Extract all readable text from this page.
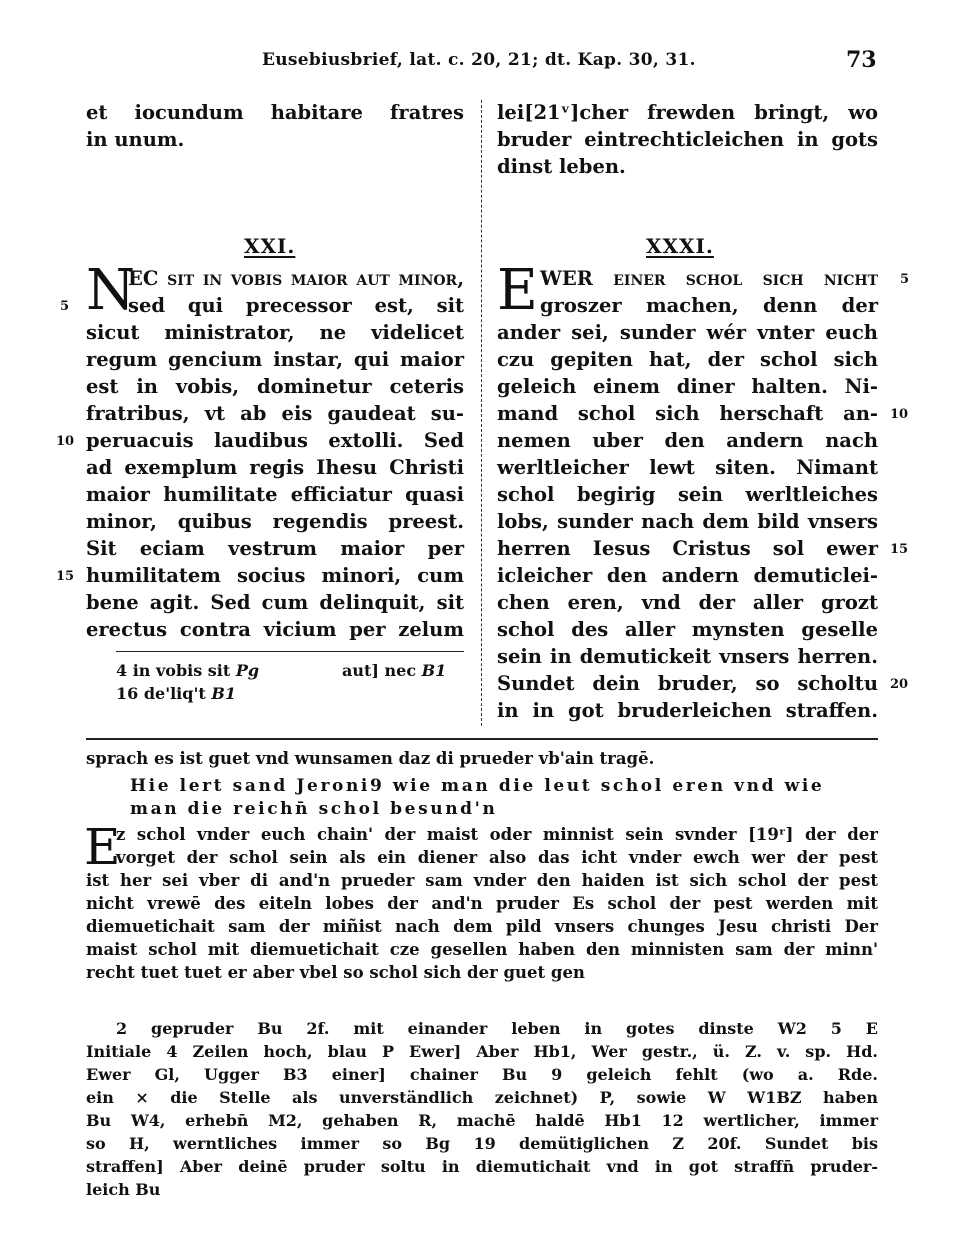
Eusebiusbrief, lat. c. 20, 21; dt. Kap. 30, 31.	73
et iocundum habitare fratres
in unum.
lei[21ᵛ]cher frewden bringt, wo
bruder eintrechticleichen in gots
dinst leben.
XXI.
N
EC sit in vobis maior aut minor,
sed qui precessor est, sit
sicut ministrator, ne videlicet
regum gencium instar, qui maior
est in vobis, dominetur ceteris
fratribus, vt ab eis gaudeat su-
peruacuis laudibus extolli. Sed
ad exemplum regis Ihesu Christi
maior humilitate efficiatur quasi
minor, quibus regendis preest.
Sit eciam vestrum maior per
humilitatem socius minori, cum
bene agit. Sed cum delinquit, sit
erectus contra vicium per zelum
5
10
15
4 in vobis sit Pg	aut] nec B1
16 de'liq't B1
XXXI.
E WER einer schol sich nicht
groszer machen, denn der
ander sei, sunder wér vnter euch
czu gepiten hat, der schol sich
geleich einem diner halten. Ni-
mand schol sich herschaft an-
nemen uber den andern nach
werltleicher lewt siten. Nimant
schol begirig sein werltleiches
lobs, sunder nach dem bild vnsers
herren Iesus Cristus sol ewer
icleicher den andern demuticlei-
chen eren, vnd der aller grozt
schol des aller mynsten geselle
sein in demutickeit vnsers herren.
Sundet dein bruder, so scholtu
in in got bruderleichen straffen.
5
10
15
20
sprach es ist guet vnd wunsamen daz di prueder vb'ain tragē.
Hie lert sand Jeroni9 wie man die leut schol eren vnd wie
man die reichn̄ schol besund'n
E
z schol vnder euch chain' der maist oder minnist sein svnder [19ʳ] der der
vorget der schol sein als ein diener also das icht vnder ewch wer der pest
ist her sei vber di and'n prueder sam vnder den haiden ist sich schol der pest
nicht vrewē des eiteln lobes der and'n pruder Es schol der pest werden mit
diemuetichait sam der miñist nach dem pild vnsers chunges Jesu christi Der
maist schol mit diemuetichait cze gesellen haben den minnisten sam der minn'
recht tuet tuet er aber vbel so schol sich der guet gen
2 gepruder Bu 2f. mit einander leben in gotes dinste W2 5 E
Initiale 4 Zeilen hoch, blau P Ewer] Aber Hb1, Wer gestr., ü. Z. v. sp. Hd.
Ewer Gl, Ugger B3 einer] chainer Bu 9 geleich fehlt (wo a. Rde.
ein × die Stelle als unverständlich zeichnet) P, sowie W W1BZ haben
Bu W4, erhebn̄ M2, gehaben R, machē haldē Hb1 12 wertlicher, immer
so H, werntliches immer so Bg 19 demütiglichen Z 20f. Sundet bis
straffen] Aber deinē pruder soltu in diemutichait vnd in got straffn̄ pruder-
leich Bu
